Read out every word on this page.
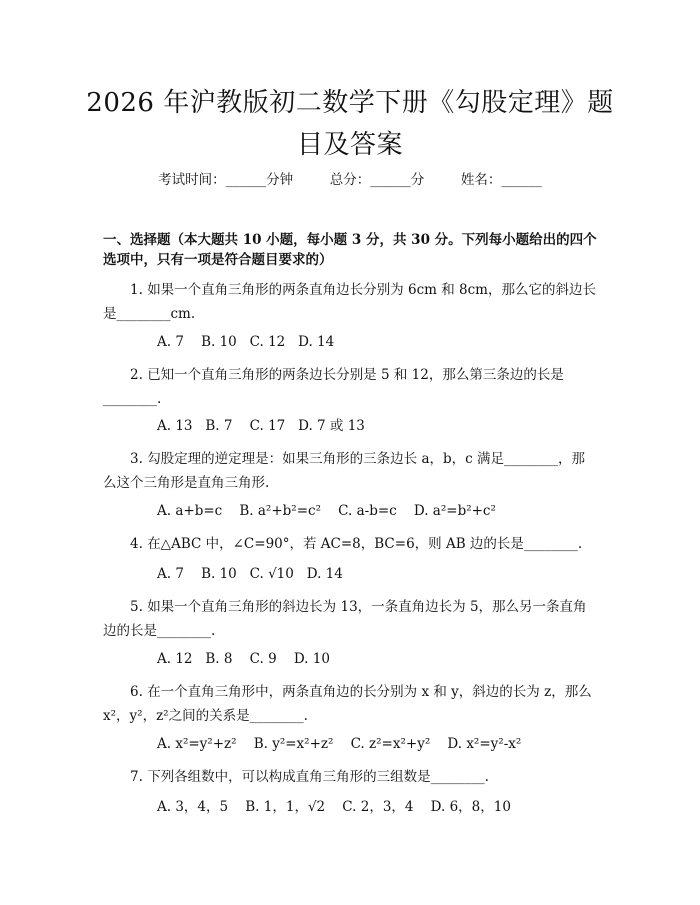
2026 年沪教版初二数学下册《勾股定理》题
目及答案
考试时间：______分钟	总分：______分	姓名：______
一、选择题（本大题共 10 小题，每小题 3 分，共 30 分。下列每小题给出的四个
选项中，只有一项是符合题目要求的）
1. 如果一个直角三角形的两条直角边长分别为 6cm 和 8cm，那么它的斜边长
是________cm.
A. 7    B. 10   C. 12   D. 14
2. 已知一个直角三角形的两条边长分别是 5 和 12，那么第三条边的长是
________.
A. 13   B. 7    C. 17   D. 7 或 13
3. 勾股定理的逆定理是：如果三角形的三条边长 a，b，c 满足________，那
么这个三角形是直角三角形.
A. a+b=c    B. a²+b²=c²    C. a-b=c    D. a²=b²+c²
4. 在△ABC 中，∠C=90°，若 AC=8，BC=6，则 AB 边的长是________.
A. 7    B. 10   C. √10   D. 14
5. 如果一个直角三角形的斜边长为 13，一条直角边长为 5，那么另一条直角
边的长是________.
A. 12   B. 8    C. 9    D. 10
6. 在一个直角三角形中，两条直角边的长分别为 x 和 y，斜边的长为 z，那么
x²，y²，z²之间的关系是________.
A. x²=y²+z²    B. y²=x²+z²    C. z²=x²+y²    D. x²=y²-x²
7. 下列各组数中，可以构成直角三角形的三组数是________.
A. 3，4，5    B. 1，1，√2    C. 2，3，4    D. 6，8，10
